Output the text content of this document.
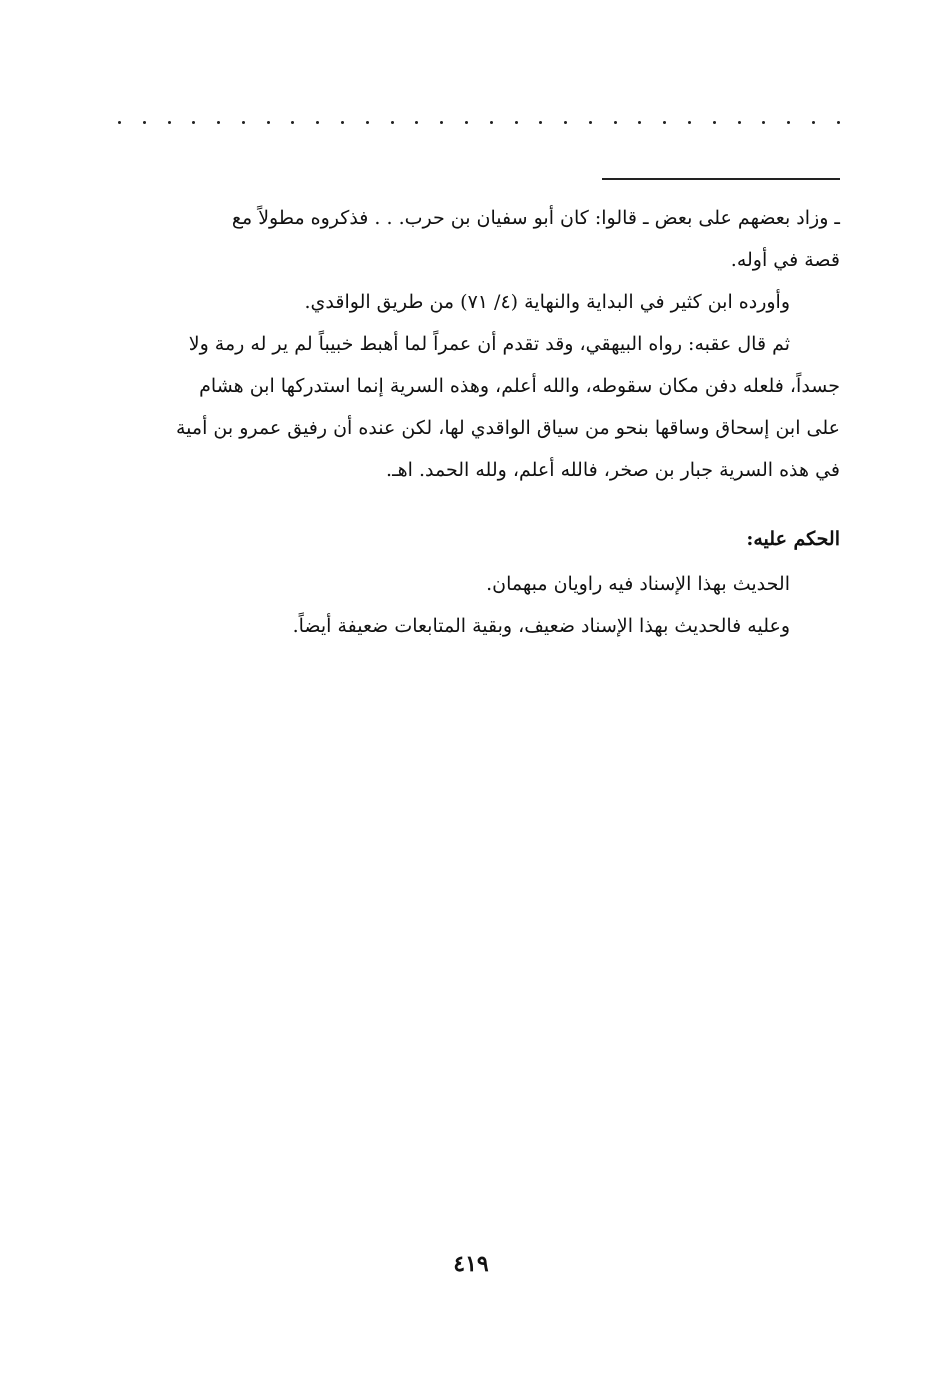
ـ وزاد بعضهم على بعض ـ قالوا: كان أبو سفيان بن حرب. . . فذكروه مطولاً مع
قصة في أوله.
وأورده ابن كثير في البداية والنهاية (٤/ ٧١) من طريق الواقدي.
ثم قال عقبه: رواه البيهقي، وقد تقدم أن عمراً لما أهبط خبيباً لم ير له رمة ولا
جسداً، فلعله دفن مكان سقوطه، والله أعلم، وهذه السرية إنما استدركها ابن هشام
على ابن إسحاق وساقها بنحو من سياق الواقدي لها، لكن عنده أن رفيق عمرو بن أمية
في هذه السرية جبار بن صخر، فالله أعلم، ولله الحمد. اهـ.
الحكم عليه:
الحديث بهذا الإسناد فيه راويان مبهمان.
وعليه فالحديث بهذا الإسناد ضعيف، وبقية المتابعات ضعيفة أيضاً.
٤١٩
